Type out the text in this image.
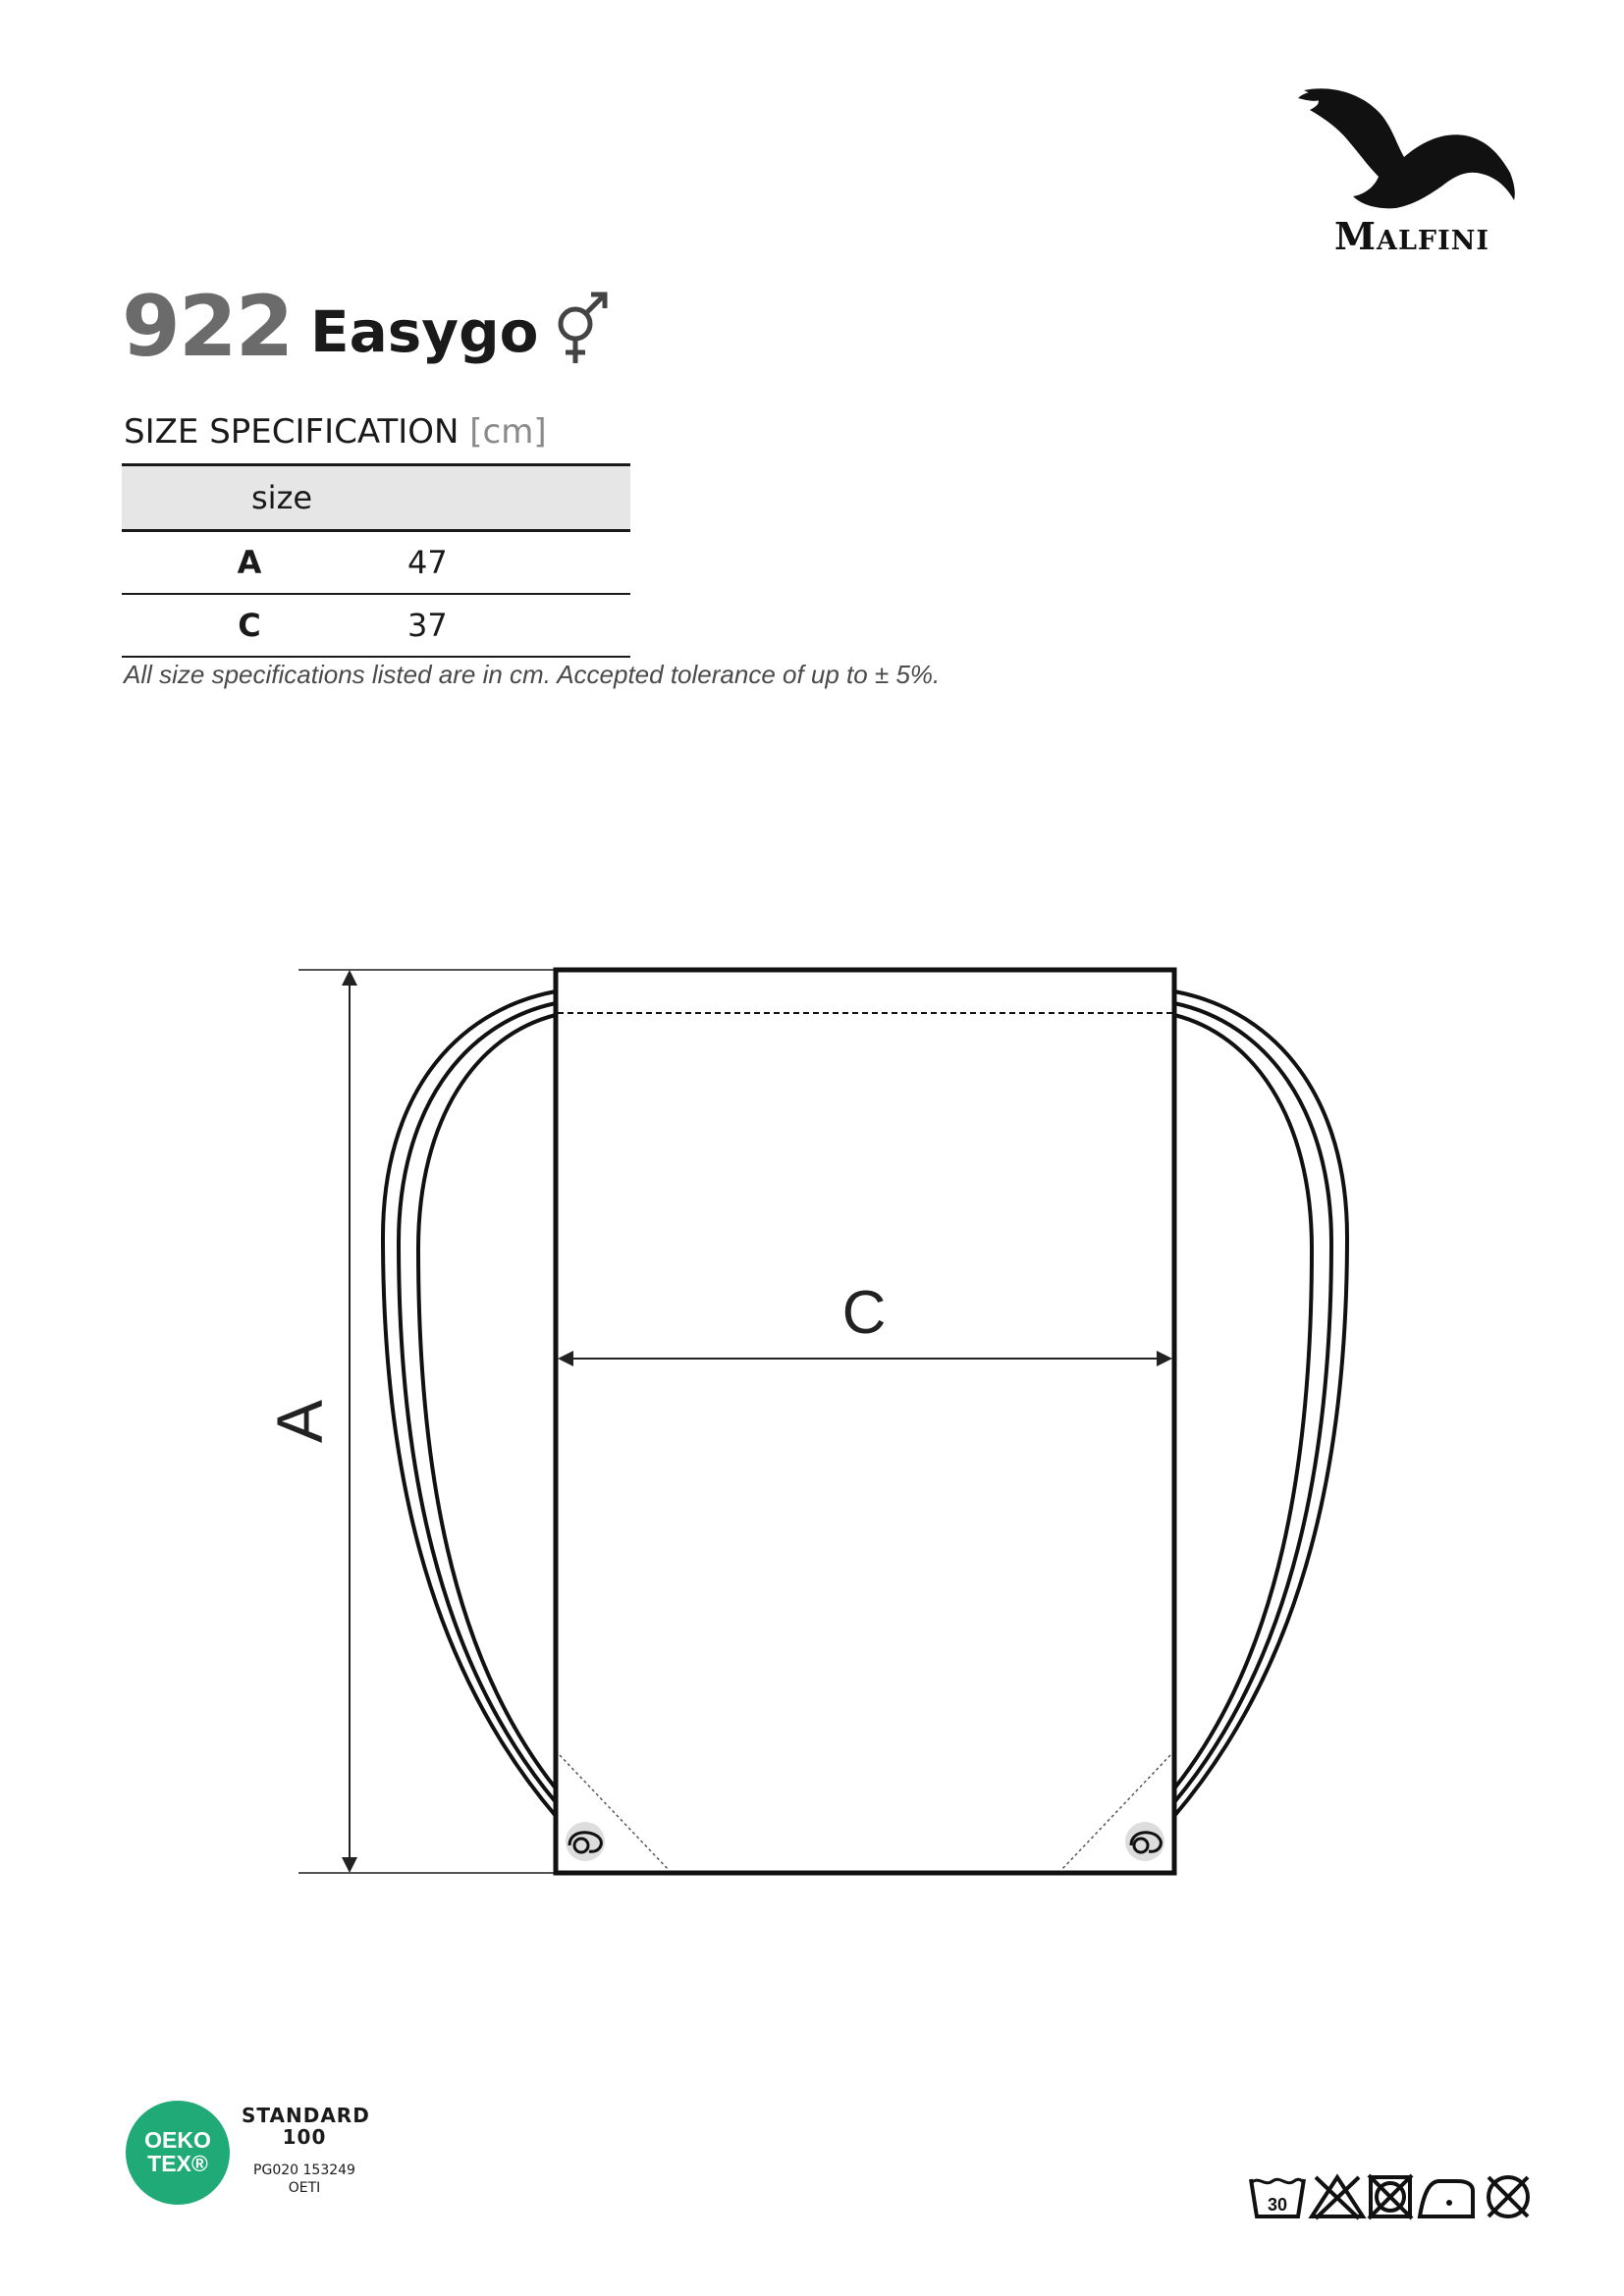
Malfini
922 Easygo
SIZE SPECIFICATION [cm]
size	
A	47
C	37
All size specifications listed are in cm. Accepted tolerance of up to ± 5%.
A
C
OEKO
TEX®
STANDARD
100
PG020 153249
OETI
30
